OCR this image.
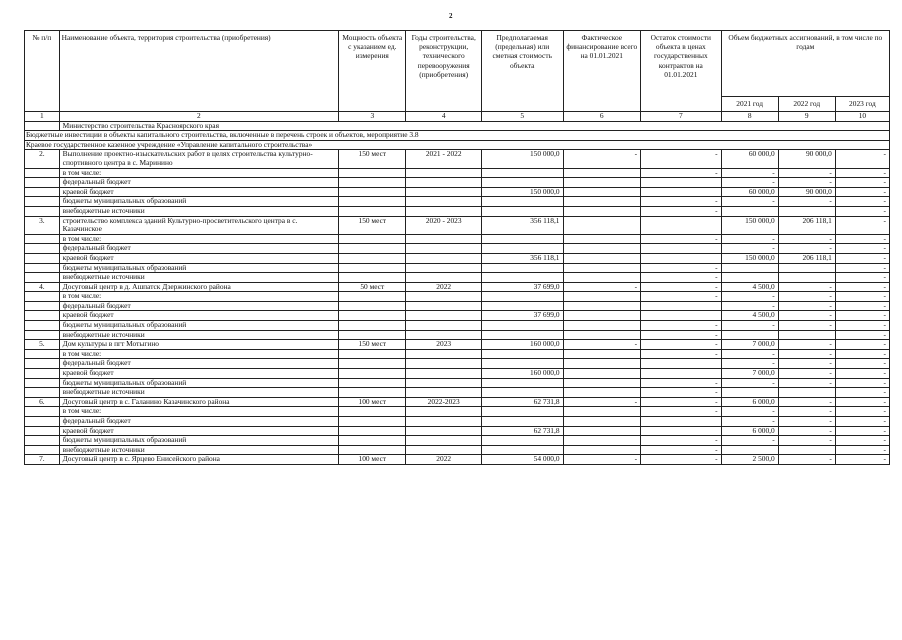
2
№ п/п	Наименование объекта, территория строительства (приобретения)	Мощность объекта с указанием ед. измерения	Годы строительства, реконструкции, технического перевооружения (приобретения)	Предполагаемая (предельная) или сметная стоимость объекта	Фактическое финансирование всего на 01.01.2021	Остаток стоимости объекта в ценах государственных контрактов на 01.01.2021	Объем бюджетных ассигнований, в том числе по годам		
							2021 год	2022 год	2023 год
1	2	3	4	5	6	7	8	9	10
	Министерство строительства Красноярского края								
Бюджетные инвестиции в объекты капитального строительства, включенные в перечень строек и объектов, мероприятие 3.8									
Краевое государственное казенное учреждение «Управление капитального строительства»									
2.	Выполнение проектно-изыскательских работ в целях строительства культурно-спортивного центра в с. Маринино	150 мест	2021 - 2022	150 000,0	-	-	60 000,0	90 000,0	-

	в том числе:					-	-	-	-
	федеральный бюджет						-	-	-
	краевой бюджет			150 000,0			60 000,0	90 000,0	-
	бюджеты муниципальных образований					-	-	-	-
	внебюджетные источники					-			-
3.	строительство комплекса зданий Культурно-просветительского центра в с. Казачинское	150 мест	2020 - 2023	356 118,1			150 000,0	206 118,1	-

	в том числе:					-	-	-	-
	федеральный бюджет						-	-	-
	краевой бюджет			356 118,1			150 000,0	206 118,1	-
	бюджеты муниципальных образований					-			-
	внебюджетные источники					-			-
4.	Досуговый центр в д. Ашпатск Дзержинского района	50 мест	2022	37 699,0	-	-	4 500,0	-	-
	в том числе:					-	-	-	-
	федеральный бюджет						-	-	-
	краевой бюджет			37 699,0			4 500,0	-	-
	бюджеты муниципальных образований					-	-	-	-
	внебюджетные источники					-			-
5.	Дом культуры в пгт Мотыгино	150 мест	2023	160 000,0	-	-	7 000,0	-	-
	в том числе:					-	-	-	-
	федеральный бюджет						-	-	-
	краевой бюджет			160 000,0			7 000,0	-	-
	бюджеты муниципальных образований					-	-	-	-
	внебюджетные источники					-			-
6.	Досуговый центр в с. Галанино Казачинского района	100 мест	2022-2023	62 731,8	-	-	6 000,0	-	-
	в том числе:					-	-	-	-
	федеральный бюджет						-	-	-
	краевой бюджет			62 731,8			6 000,0	-	-
	бюджеты муниципальных образований					-	-	-	-
	внебюджетные источники					-			-
7.	Досуговый центр в с. Ярцево Енисейского района	100 мест	2022	54 000,0	-	-	2 500,0	-	-
